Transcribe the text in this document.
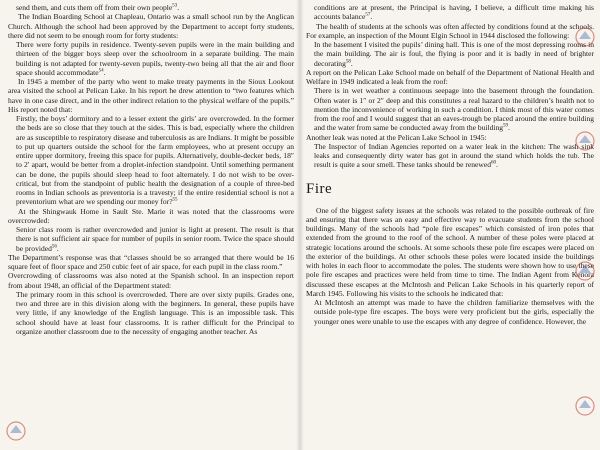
send them, and cuts them off from their own people$^{53}$.

The Indian Boarding School at Chapleau, Ontario was a small school run by the Anglican Church. Although the school had been approved by the Department to accept forty students, there did not seem to be enough room for forty students:

There were forty pupils in residence. Twenty-seven pupils were in the main building and thirteen of the bigger boys sleep over the schoolroom in a separate building. The main building is not adapted for twenty-seven pupils, twenty-two being all that the air and floor space should accommodate$^{54}$.

In 1945 a member of the party who went to make treaty payments in the Sioux Lookout area visited the school at Pelican Lake. In his report he drew attention to “two features which have in one case direct, and in the other indirect relation to the physical welfare of the pupils.” His report noted that:

Firstly, the boys’ dormitory and to a lesser extent the girls’ are overcrowded. In the former the beds are so close that they touch at the sides. This is bad, especially where the children are as susceptible to respiratory disease and tuberculosis as are Indians. It might be possible to put up quarters outside the school for the farm employees, who at present occupy an entire upper dormitory, freeing this space for pupils. Alternatively, double-decker beds, 18″ to 2′ apart, would be better from a droplet-infection standpoint. Until something permanent can be done, the pupils should sleep head to foot alternately. I do not wish to be over-critical, but from the standpoint of public health the designation of a couple of three-bed rooms in Indian schools as preventoria is a travesty; if the entire residential school is not a preventorium what are we spending our money for?$^{55}$

At the Shingwauk Home in Sault Ste. Marie it was noted that the classrooms were overcrowded:

Senior class room is rather overcrowded and junior is light at present. The result is that there is not sufficient air space for number of pupils in senior room. Twice the space should be provided$^{56}$.

The Department’s response was that “classes should be so arranged that there would be 16 square feet of floor space and 250 cubic feet of air space, for each pupil in the class room.”

Overcrowding of classrooms was also noted at the Spanish school. In an inspection report from about 1948, an official of the Department stated:

The primary room in this school is overcrowded. There are over sixty pupils. Grades one, two and three are in this division along with the beginners. In general, these pupils have very little, if any knowledge of the English language. This is an impossible task. This school should have at least four classrooms. It is rather difficult for the Principal to organize another classroom due to the necessity of engaging another teacher. As

conditions are at present, the Principal is having, I believe, a difficult time making his accounts balance$^{57}$.

The health of students at the schools was often affected by conditions found at the schools. For example, an inspection of the Mount Elgin School in 1944 disclosed the following:

In the basement I visited the pupils’ dining hall. This is one of the most depressing rooms in the main building. The air is foul, the flying is poor and it is badly in need of brighter decorating$^{58}$.

A report on the Pelican Lake School made on behalf of the Department of National Health and Welfare in 1949 indicated a leak from the roof:

There is in wet weather a continuous seepage into the basement through the foundation. Often water is 1″ or 2″ deep and this constitutes a real hazard to the children’s health not to mention the inconvenience of working in such a condition. I think most of this water comes from the roof and I would suggest that an eaves-trough be placed around the entire building and the water from same be conducted away from the building$^{59}$.

Another leak was noted at the Pelican Lake School in 1945:

The Inspector of Indian Agencies reported on a water leak in the kitchen: The wash sink leaks and consequently dirty water has got in around the stand which holds the tub. The result is quite a sour smell. These tanks should be renewed$^{60}$.

Fire

One of the biggest safety issues at the schools was related to the possible outbreak of fire and ensuring that there was an easy and effective way to evacuate students from the school buildings. Many of the schools had “pole fire escapes” which consisted of iron poles that extended from the ground to the roof of the school. A number of these poles were placed at strategic locations around the schools. At some schools these pole fire escapes were placed on the exterior of the buildings. At other schools these poles were located inside the buildings with holes in each floor to accommodate the poles. The students were shown how to use these pole fire escapes and practices were held from time to time. The Indian Agent from Kenora discussed these escapes at the McIntosh and Pelican Lake Schools in his quarterly report of March 1945. Following his visits to the schools he indicated that:

At McIntosh an attempt was made to have the children familiarize themselves with the outside pole-type fire escapes. The boys were very proficient but the girls, especially the younger ones were unable to use the escapes with any degree of confidence. However, the
